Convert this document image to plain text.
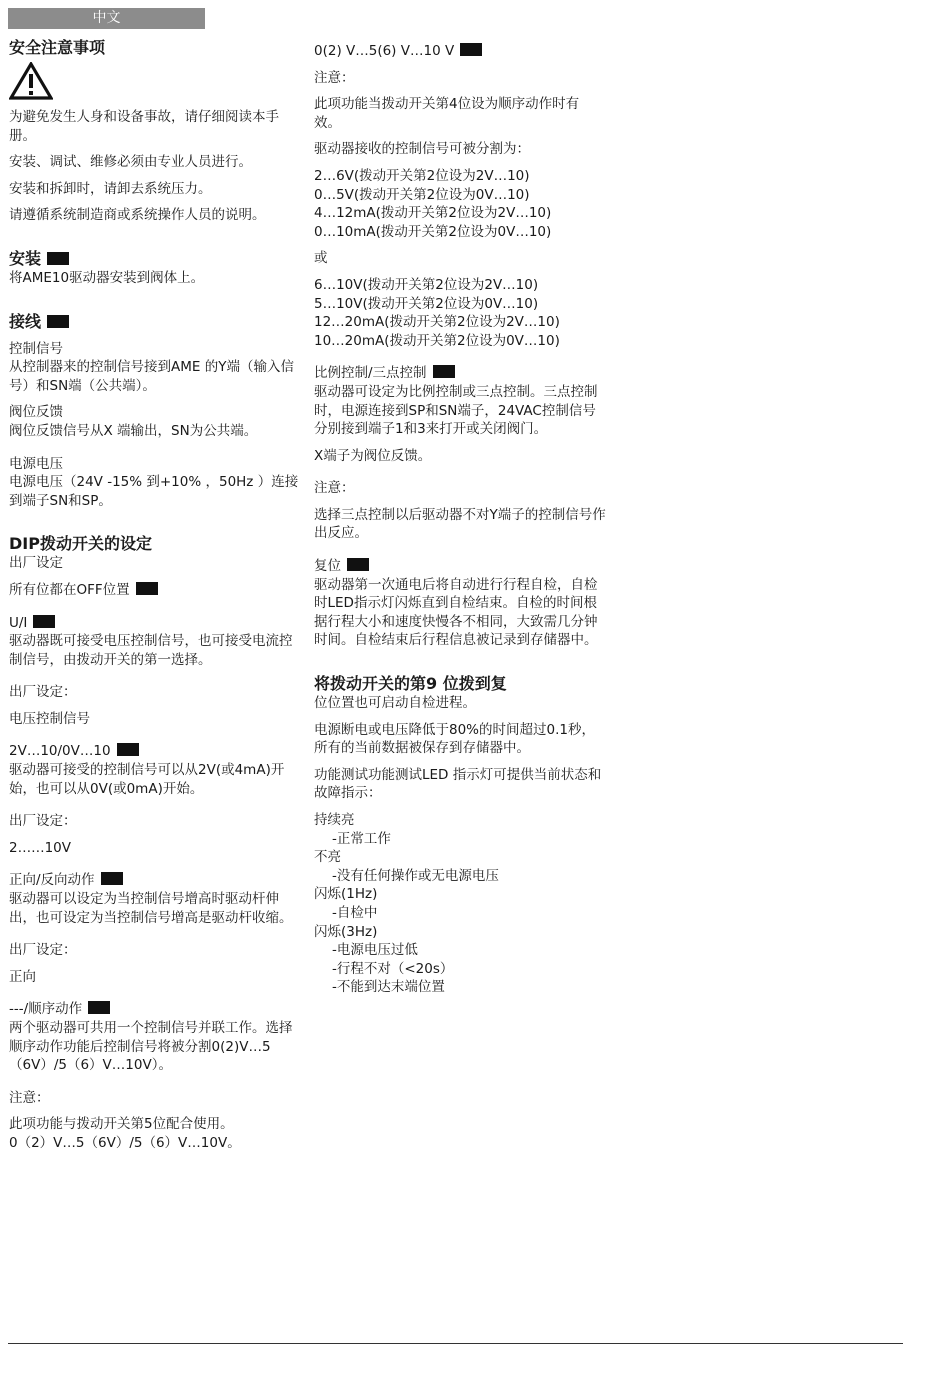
中文
安全注意事项

为避免发生人身和设备事故，请仔细阅读本手册。

安装、调试、维修必须由专业人员进行。

安装和拆卸时，请卸去系统压力。

请遵循系统制造商或系统操作人员的说明。

安装

将AME10驱动器安装到阀体上。

接线

控制信号

从控制器来的控制信号接到AME 的Y端（输入信号）和SN端（公共端）。

阀位反馈

阀位反馈信号从X 端输出，SN为公共端。

电源电压

电源电压（24V -15% 到+10% ，50Hz ）连接到端子SN和SP。

DIP拨动开关的设定

出厂设定

所有位都在OFF位置

U/I

驱动器既可接受电压控制信号，也可接受电流控制信号，由拨动开关的第一选择。

出厂设定：

电压控制信号

2V…10/0V…10

驱动器可接受的控制信号可以从2V(或4mA)开始，也可以从0V(或0mA)开始。

出厂设定：

2……10V

正向/反向动作

驱动器可以设定为当控制信号增高时驱动杆伸出，也可设定为当控制信号增高是驱动杆收缩。

出厂设定：

正向

---/顺序动作

两个驱动器可共用一个控制信号并联工作。选择顺序动作功能后控制信号将被分割0(2)V…5（6V）/5（6）V…10V）。

注意：

此项功能与拨动开关第5位配合使用。

0（2）V…5（6V）/5（6）V…10V。

0(2) V…5(6) V…10 V

注意：

此项功能当拨动开关第4位设为顺序动作时有效。

驱动器接收的控制信号可被分割为：

2…6V(拨动开关第2位设为2V…10)

0…5V(拨动开关第2位设为0V…10)

4…12mA(拨动开关第2位设为2V…10)

0…10mA(拨动开关第2位设为0V…10)

或

6…10V(拨动开关第2位设为2V…10)

5…10V(拨动开关第2位设为0V…10)

12…20mA(拨动开关第2位设为2V…10)

10…20mA(拨动开关第2位设为0V…10)

比例控制/三点控制

驱动器可设定为比例控制或三点控制。三点控制时，电源连接到SP和SN端子，24VAC控制信号分别接到端子1和3来打开或关闭阀门。

X端子为阀位反馈。

注意：

选择三点控制以后驱动器不对Y端子的控制信号作出反应。

复位

驱动器第一次通电后将自动进行行程自检，自检时LED指示灯闪烁直到自检结束。自检的时间根据行程大小和速度快慢各不相同，大致需几分钟时间。自检结束后行程信息被记录到存储器中。

将拨动开关的第9 位拨到复

位位置也可启动自检进程。

电源断电或电压降低于80%的时间超过0.1秒，所有的当前数据被保存到存储器中。

功能测试功能测试LED 指示灯可提供当前状态和故障指示：

持续亮

-正常工作

不亮

-没有任何操作或无电源电压

闪烁(1Hz)

-自检中

闪烁(3Hz)

-电源电压过低

-行程不对（<20s）

-不能到达末端位置
